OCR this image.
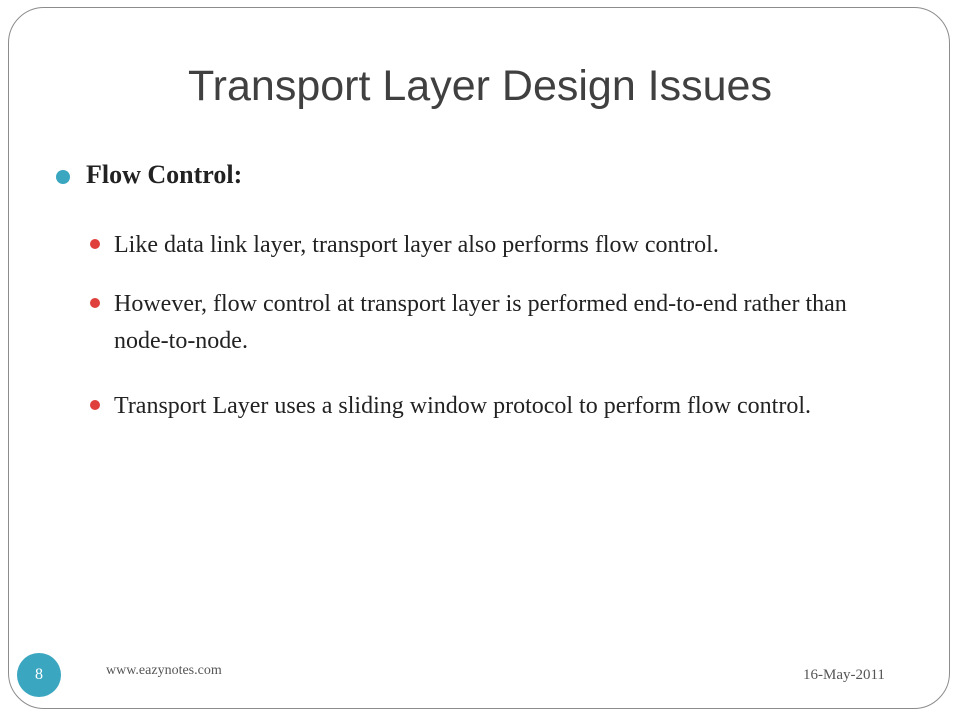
Transport Layer Design Issues
Flow Control:
Like data link layer, transport layer also performs flow control.
However, flow control at transport layer is performed end-to-end rather than node-to-node.
Transport Layer uses a sliding window protocol to perform flow control.
8	www.eazynotes.com	16-May-2011
